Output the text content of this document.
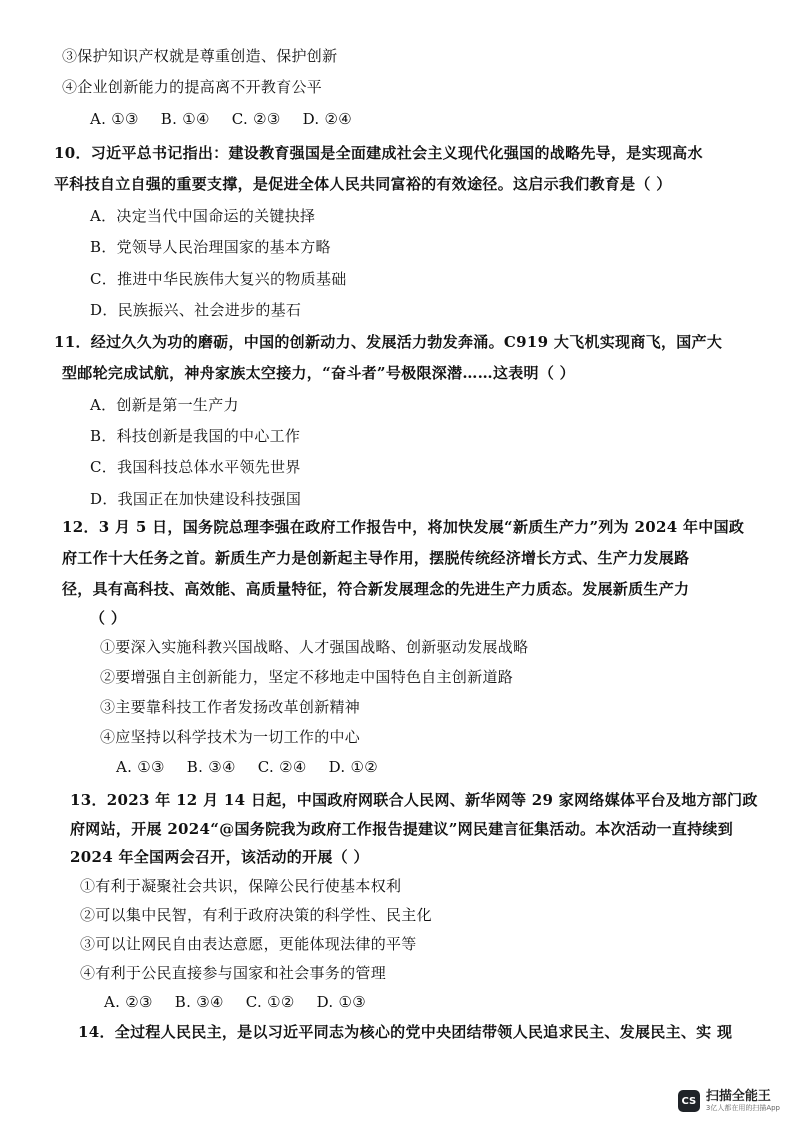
③保护知识产权就是尊重创造、保护创新
④企业创新能力的提高离不开教育公平
A. ①③ B. ①④ C. ②③ D. ②④
10．习近平总书记指出：建设教育强国是全面建成社会主义现代化强国的战略先导，是实现高水
平科技自立自强的重要支撑，是促进全体人民共同富裕的有效途径。这启示我们教育是（ ）
A．决定当代中国命运的关键抉择
B．党领导人民治理国家的基本方略
C．推进中华民族伟大复兴的物质基础
D．民族振兴、社会进步的基石
11．经过久久为功的磨砺，中国的创新动力、发展活力勃发奔涌。C919 大飞机实现商飞，国产大
型邮轮完成试航，神舟家族太空接力，“奋斗者”号极限深潜……这表明（ ）
A．创新是第一生产力
B．科技创新是我国的中心工作
C．我国科技总体水平领先世界
D．我国正在加快建设科技强国
12．3 月 5 日，国务院总理李强在政府工作报告中，将加快发展“新质生产力”列为 2024 年中国政
府工作十大任务之首。新质生产力是创新起主导作用，摆脱传统经济增长方式、生产力发展路
径，具有高科技、高效能、高质量特征，符合新发展理念的先进生产力质态。发展新质生产力
（ ）
①要深入实施科教兴国战略、人才强国战略、创新驱动发展战略
②要增强自主创新能力，坚定不移地走中国特色自主创新道路
③主要靠科技工作者发扬改革创新精神
④应坚持以科学技术为一切工作的中心
A. ①③ B. ③④ C. ②④ D. ①②
13．2023 年 12 月 14 日起，中国政府网联合人民网、新华网等 29 家网络媒体平台及地方部门政
府网站，开展 2024“@国务院我为政府工作报告提建议”网民建言征集活动。本次活动一直持续到
2024 年全国两会召开，该活动的开展（ ）
①有利于凝聚社会共识，保障公民行使基本权利
②可以集中民智，有利于政府决策的科学性、民主化
③可以让网民自由表达意愿，更能体现法律的平等
④有利于公民直接参与国家和社会事务的管理
A. ②③ B. ③④ C. ①② D. ①③
14．全过程人民民主，是以习近平同志为核心的党中央团结带领人民追求民主、发展民主、实 现
CS 扫描全能王
3亿人都在用的扫描App
